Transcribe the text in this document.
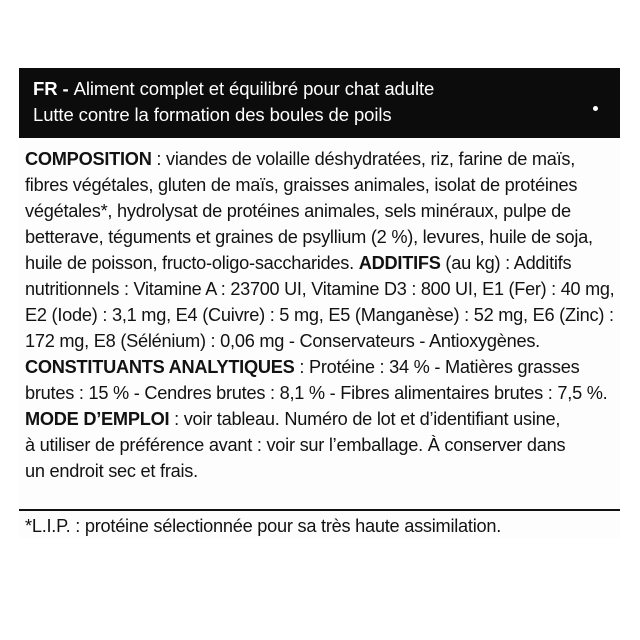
FR - Aliment complet et équilibré pour chat adulte
Lutte contre la formation des boules de poils
COMPOSITION : viandes de volaille déshydratées, riz, farine de maïs,
fibres végétales, gluten de maïs, graisses animales, isolat de protéines
végétales*, hydrolysat de protéines animales, sels minéraux, pulpe de
betterave, téguments et graines de psyllium (2 %), levures, huile de soja,
huile de poisson, fructo-oligo-saccharides. ADDITIFS (au kg) : Additifs
nutritionnels : Vitamine A : 23700 UI, Vitamine D3 : 800 UI, E1 (Fer) : 40 mg,
E2 (Iode) : 3,1 mg, E4 (Cuivre) : 5 mg, E5 (Manganèse) : 52 mg, E6 (Zinc) :
172 mg, E8 (Sélénium) : 0,06 mg - Conservateurs - Antioxygènes.
CONSTITUANTS ANALYTIQUES : Protéine : 34 % - Matières grasses
brutes : 15 % - Cendres brutes : 8,1 % - Fibres alimentaires brutes : 7,5 %.
MODE D’EMPLOI : voir tableau. Numéro de lot et d’identifiant usine,
à utiliser de préférence avant : voir sur l’emballage. À conserver dans
un endroit sec et frais.
*L.I.P. : protéine sélectionnée pour sa très haute assimilation.
